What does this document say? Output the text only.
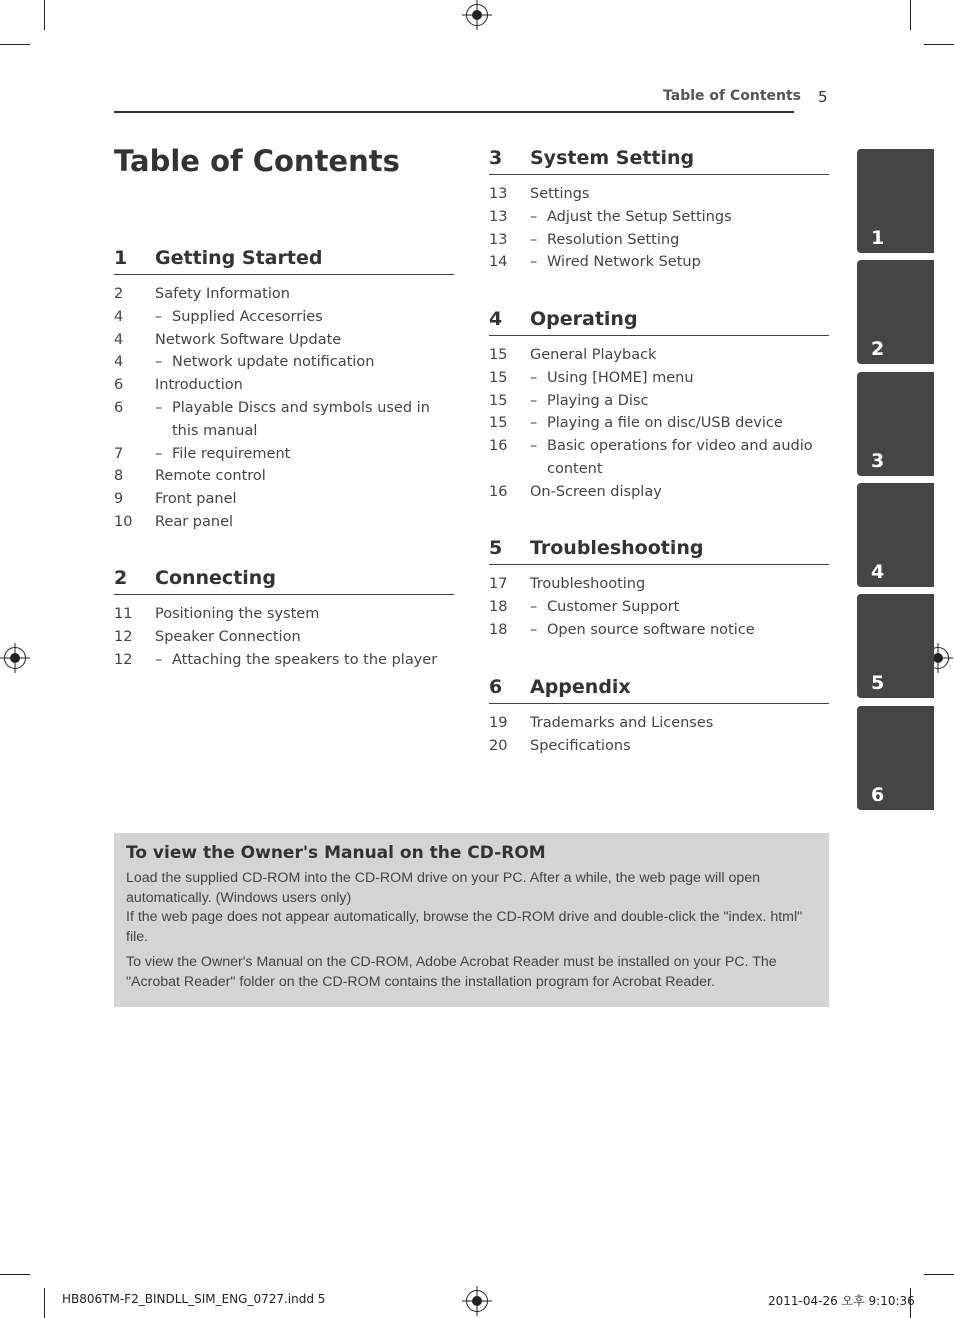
Table of Contents 5
Table of Contents
1 Getting Started
2 Safety Information
4 – Supplied Accesorries
4 Network Software Update
4 – Network update notification
6 Introduction
6 – Playable Discs and symbols used in this manual
7 – File requirement
8 Remote control
9 Front panel
10 Rear panel
2 Connecting
11 Positioning the system
12 Speaker Connection
12 – Attaching the speakers to the player
3 System Setting
13 Settings
13 – Adjust the Setup Settings
13 – Resolution Setting
14 – Wired Network Setup
4 Operating
15 General Playback
15 – Using [HOME] menu
15 – Playing a Disc
15 – Playing a file on disc/USB device
16 – Basic operations for video and audio content
16 On-Screen display
5 Troubleshooting
17 Troubleshooting
18 – Customer Support
18 – Open source software notice
6 Appendix
19 Trademarks and Licenses
20 Specifications
1
2
3
4
5
6
To view the Owner's Manual on the CD-ROM

Load the supplied CD-ROM into the CD-ROM drive on your PC. After a while, the web page will open automatically. (Windows users only)

If the web page does not appear automatically, browse the CD-ROM drive and double-click the "index. html" file.

To view the Owner's Manual on the CD-ROM, Adobe Acrobat Reader must be installed on your PC. The "Acrobat Reader" folder on the CD-ROM contains the installation program for Acrobat Reader.

HB806TM-F2_BINDLL_SIM_ENG_0727.indd 5	2011-04-26 오후 9:10:36
